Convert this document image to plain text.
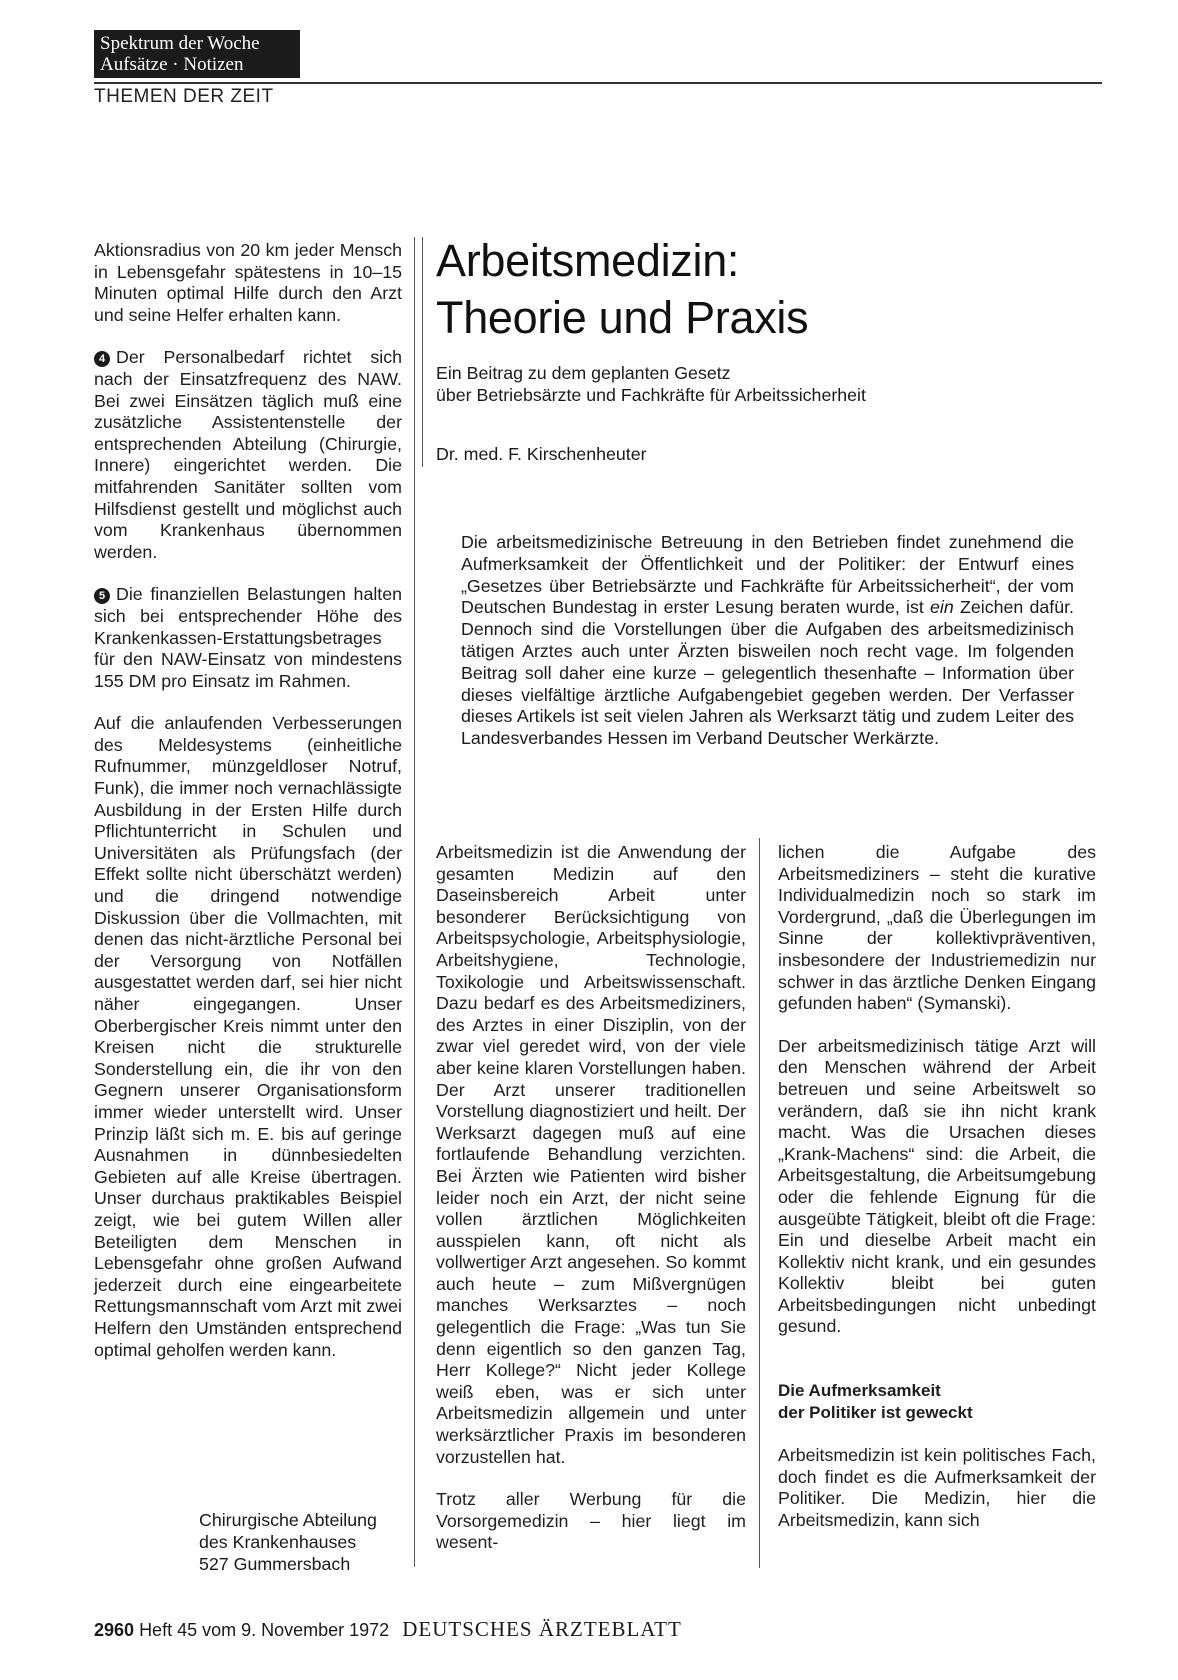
Spektrum der Woche
Aufsätze · Notizen
THEMEN DER ZEIT

Aktionsradius von 20 km jeder Mensch in Lebensgefahr spätestens in 10–15 Minuten optimal Hilfe durch den Arzt und seine Helfer erhalten kann.

4 Der Personalbedarf richtet sich nach der Einsatzfrequenz des NAW. Bei zwei Einsätzen täglich muß eine zusätzliche Assistentenstelle der entsprechenden Abteilung (Chirurgie, Innere) eingerichtet werden. Die mitfahrenden Sanitäter sollten vom Hilfsdienst gestellt und möglichst auch vom Krankenhaus übernommen werden.

5 Die finanziellen Belastungen halten sich bei entsprechender Höhe des Krankenkassen-Erstattungsbetrages für den NAW-Einsatz von mindestens 155 DM pro Einsatz im Rahmen.

Auf die anlaufenden Verbesserungen des Meldesystems (einheitliche Rufnummer, münzgeldloser Notruf, Funk), die immer noch vernachlässigte Ausbildung in der Ersten Hilfe durch Pflichtunterricht in Schulen und Universitäten als Prüfungsfach (der Effekt sollte nicht überschätzt werden) und die dringend notwendige Diskussion über die Vollmachten, mit denen das nicht-ärztliche Personal bei der Versorgung von Notfällen ausgestattet werden darf, sei hier nicht näher eingegangen. Unser Oberbergischer Kreis nimmt unter den Kreisen nicht die strukturelle Sonderstellung ein, die ihr von den Gegnern unserer Organisationsform immer wieder unterstellt wird. Unser Prinzip läßt sich m. E. bis auf geringe Ausnahmen in dünnbesiedelten Gebieten auf alle Kreise übertragen. Unser durchaus praktikables Beispiel zeigt, wie bei gutem Willen aller Beteiligten dem Menschen in Lebensgefahr ohne großen Aufwand jederzeit durch eine eingearbeitete Rettungsmannschaft vom Arzt mit zwei Helfern den Umständen entsprechend optimal geholfen werden kann.

Chirurgische Abteilung
des Krankenhauses
527 Gummersbach
Arbeitsmedizin:
Theorie und Praxis
Ein Beitrag zu dem geplanten Gesetz
über Betriebsärzte und Fachkräfte für Arbeitssicherheit
Dr. med. F. Kirschenheuter

Die arbeitsmedizinische Betreuung in den Betrieben findet zunehmend die Aufmerksamkeit der Öffentlichkeit und der Politiker: der Entwurf eines „Gesetzes über Betriebsärzte und Fachkräfte für Arbeitssicherheit“, der vom Deutschen Bundestag in erster Lesung beraten wurde, ist ein Zeichen dafür. Dennoch sind die Vorstellungen über die Aufgaben des arbeitsmedizinisch tätigen Arztes auch unter Ärzten bisweilen noch recht vage. Im folgenden Beitrag soll daher eine kurze – gelegentlich thesenhafte – Information über dieses vielfältige ärztliche Aufgabengebiet gegeben werden. Der Verfasser dieses Artikels ist seit vielen Jahren als Werksarzt tätig und zudem Leiter des Landesverbandes Hessen im Verband Deutscher Werkärzte.

Arbeitsmedizin ist die Anwendung der gesamten Medizin auf den Daseinsbereich Arbeit unter besonderer Berücksichtigung von Arbeitspsychologie, Arbeitsphysiologie, Arbeitshygiene, Technologie, Toxikologie und Arbeitswissenschaft. Dazu bedarf es des Arbeitsmediziners, des Arztes in einer Disziplin, von der zwar viel geredet wird, von der viele aber keine klaren Vorstellungen haben. Der Arzt unserer traditionellen Vorstellung diagnostiziert und heilt. Der Werksarzt dagegen muß auf eine fortlaufende Behandlung verzichten. Bei Ärzten wie Patienten wird bisher leider noch ein Arzt, der nicht seine vollen ärztlichen Möglichkeiten ausspielen kann, oft nicht als vollwertiger Arzt angesehen. So kommt auch heute – zum Mißvergnügen manches Werksarztes – noch gelegentlich die Frage: „Was tun Sie denn eigentlich so den ganzen Tag, Herr Kollege?“ Nicht jeder Kollege weiß eben, was er sich unter Arbeitsmedizin allgemein und unter werksärztlicher Praxis im besonderen vorzustellen hat.

Trotz aller Werbung für die Vorsorgemedizin – hier liegt im wesent-

lichen die Aufgabe des Arbeitsmediziners – steht die kurative Individualmedizin noch so stark im Vordergrund, „daß die Überlegungen im Sinne der kollektivpräventiven, insbesondere der Industriemedizin nur schwer in das ärztliche Denken Eingang gefunden haben“ (Symanski).

Der arbeitsmedizinisch tätige Arzt will den Menschen während der Arbeit betreuen und seine Arbeitswelt so verändern, daß sie ihn nicht krank macht. Was die Ursachen dieses „Krank-Machens“ sind: die Arbeit, die Arbeitsgestaltung, die Arbeitsumgebung oder die fehlende Eignung für die ausgeübte Tätigkeit, bleibt oft die Frage: Ein und dieselbe Arbeit macht ein Kollektiv nicht krank, und ein gesundes Kollektiv bleibt bei guten Arbeitsbedingungen nicht unbedingt gesund.

Die Aufmerksamkeit
der Politiker ist geweckt

Arbeitsmedizin ist kein politisches Fach, doch findet es die Aufmerksamkeit der Politiker. Die Medizin, hier die Arbeitsmedizin, kann sich

2960 Heft 45 vom 9. November 1972 DEUTSCHES ÄRZTEBLATT
